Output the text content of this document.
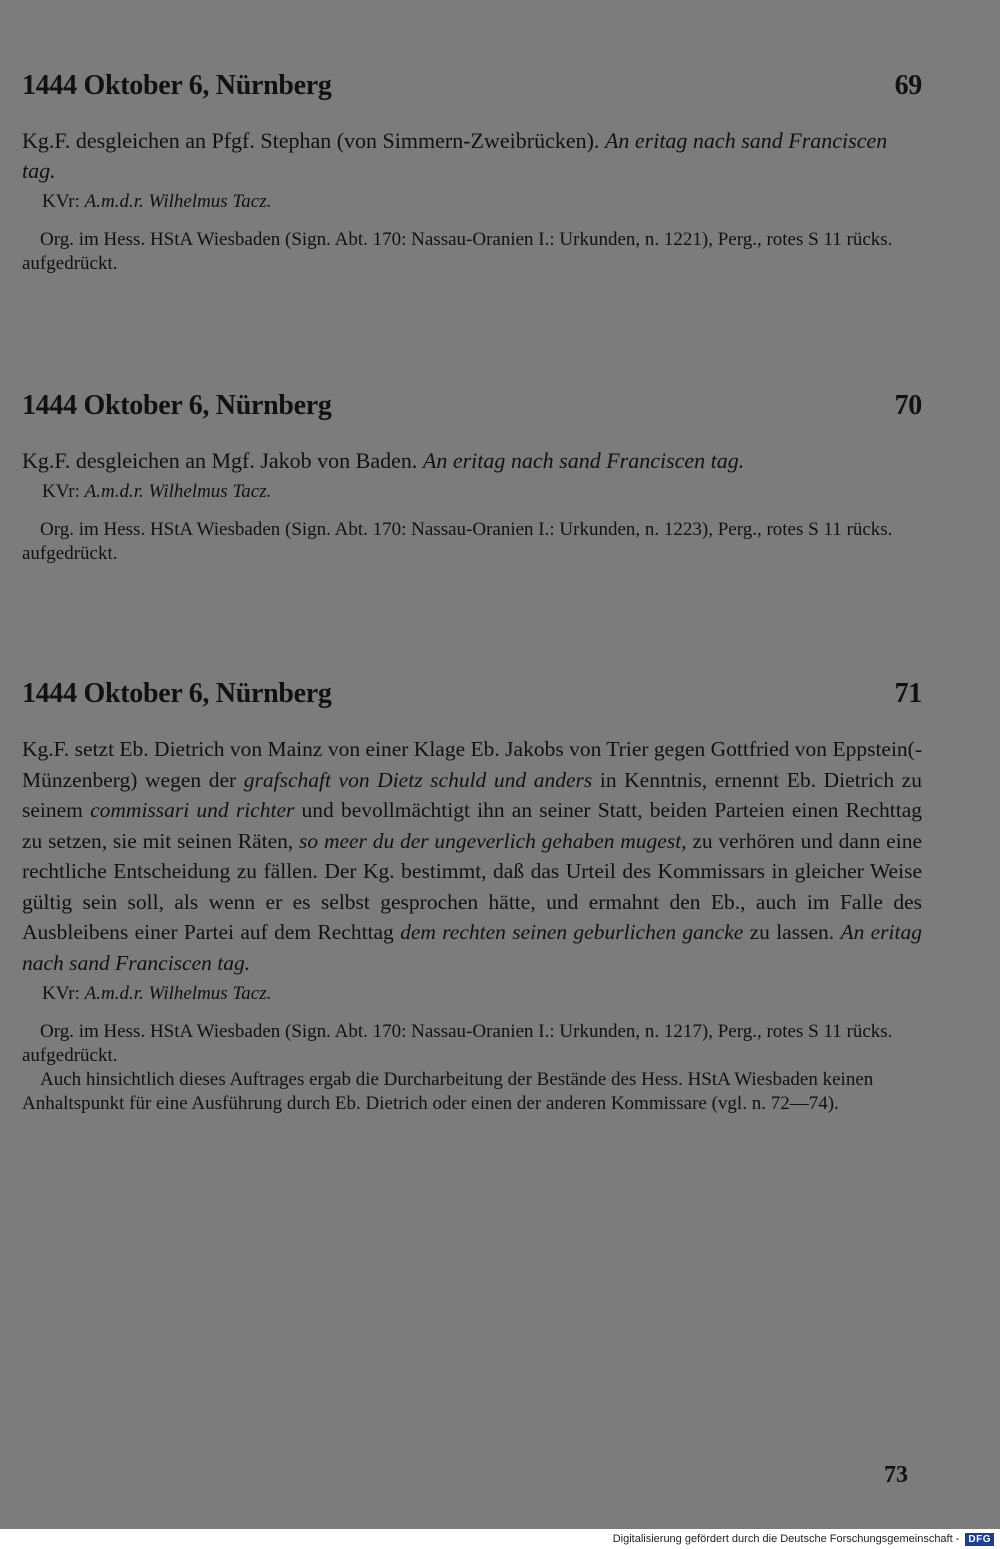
1444 Oktober 6, Nürnberg	69
Kg.F. desgleichen an Pfgf. Stephan (von Simmern-Zweibrücken). An eritag nach sand Franciscen tag.
KVr: A.m.d.r. Wilhelmus Tacz.

Org. im Hess. HStA Wiesbaden (Sign. Abt. 170: Nassau-Oranien I.: Urkunden, n. 1221), Perg., rotes S 11 rücks. aufgedrückt.

1444 Oktober 6, Nürnberg	70
Kg.F. desgleichen an Mgf. Jakob von Baden. An eritag nach sand Franciscen tag.
KVr: A.m.d.r. Wilhelmus Tacz.

Org. im Hess. HStA Wiesbaden (Sign. Abt. 170: Nassau-Oranien I.: Urkunden, n. 1223), Perg., rotes S 11 rücks. aufgedrückt.

1444 Oktober 6, Nürnberg	71
Kg.F. setzt Eb. Dietrich von Mainz von einer Klage Eb. Jakobs von Trier gegen Gottfried von Eppstein(-Münzenberg) wegen der grafschaft von Dietz schuld und anders in Kenntnis, ernennt Eb. Dietrich zu seinem commissari und richter und bevollmächtigt ihn an seiner Statt, beiden Parteien einen Rechttag zu setzen, sie mit seinen Räten, so meer du der ungeverlich gehaben mugest, zu verhören und dann eine rechtliche Entscheidung zu fällen. Der Kg. bestimmt, daß das Urteil des Kommissars in gleicher Weise gültig sein soll, als wenn er es selbst gesprochen hätte, und ermahnt den Eb., auch im Falle des Ausbleibens einer Partei auf dem Rechttag dem rechten seinen geburlichen gancke zu lassen. An eritag nach sand Franciscen tag.
KVr: A.m.d.r. Wilhelmus Tacz.

Org. im Hess. HStA Wiesbaden (Sign. Abt. 170: Nassau-Oranien I.: Urkunden, n. 1217), Perg., rotes S 11 rücks. aufgedrückt.

Auch hinsichtlich dieses Auftrages ergab die Durcharbeitung der Bestände des Hess. HStA Wiesbaden keinen Anhaltspunkt für eine Ausführung durch Eb. Dietrich oder einen der anderen Kommissare (vgl. n. 72—74).

73
Digitalisierung gefördert durch die Deutsche Forschungsgemeinschaft - DFG
